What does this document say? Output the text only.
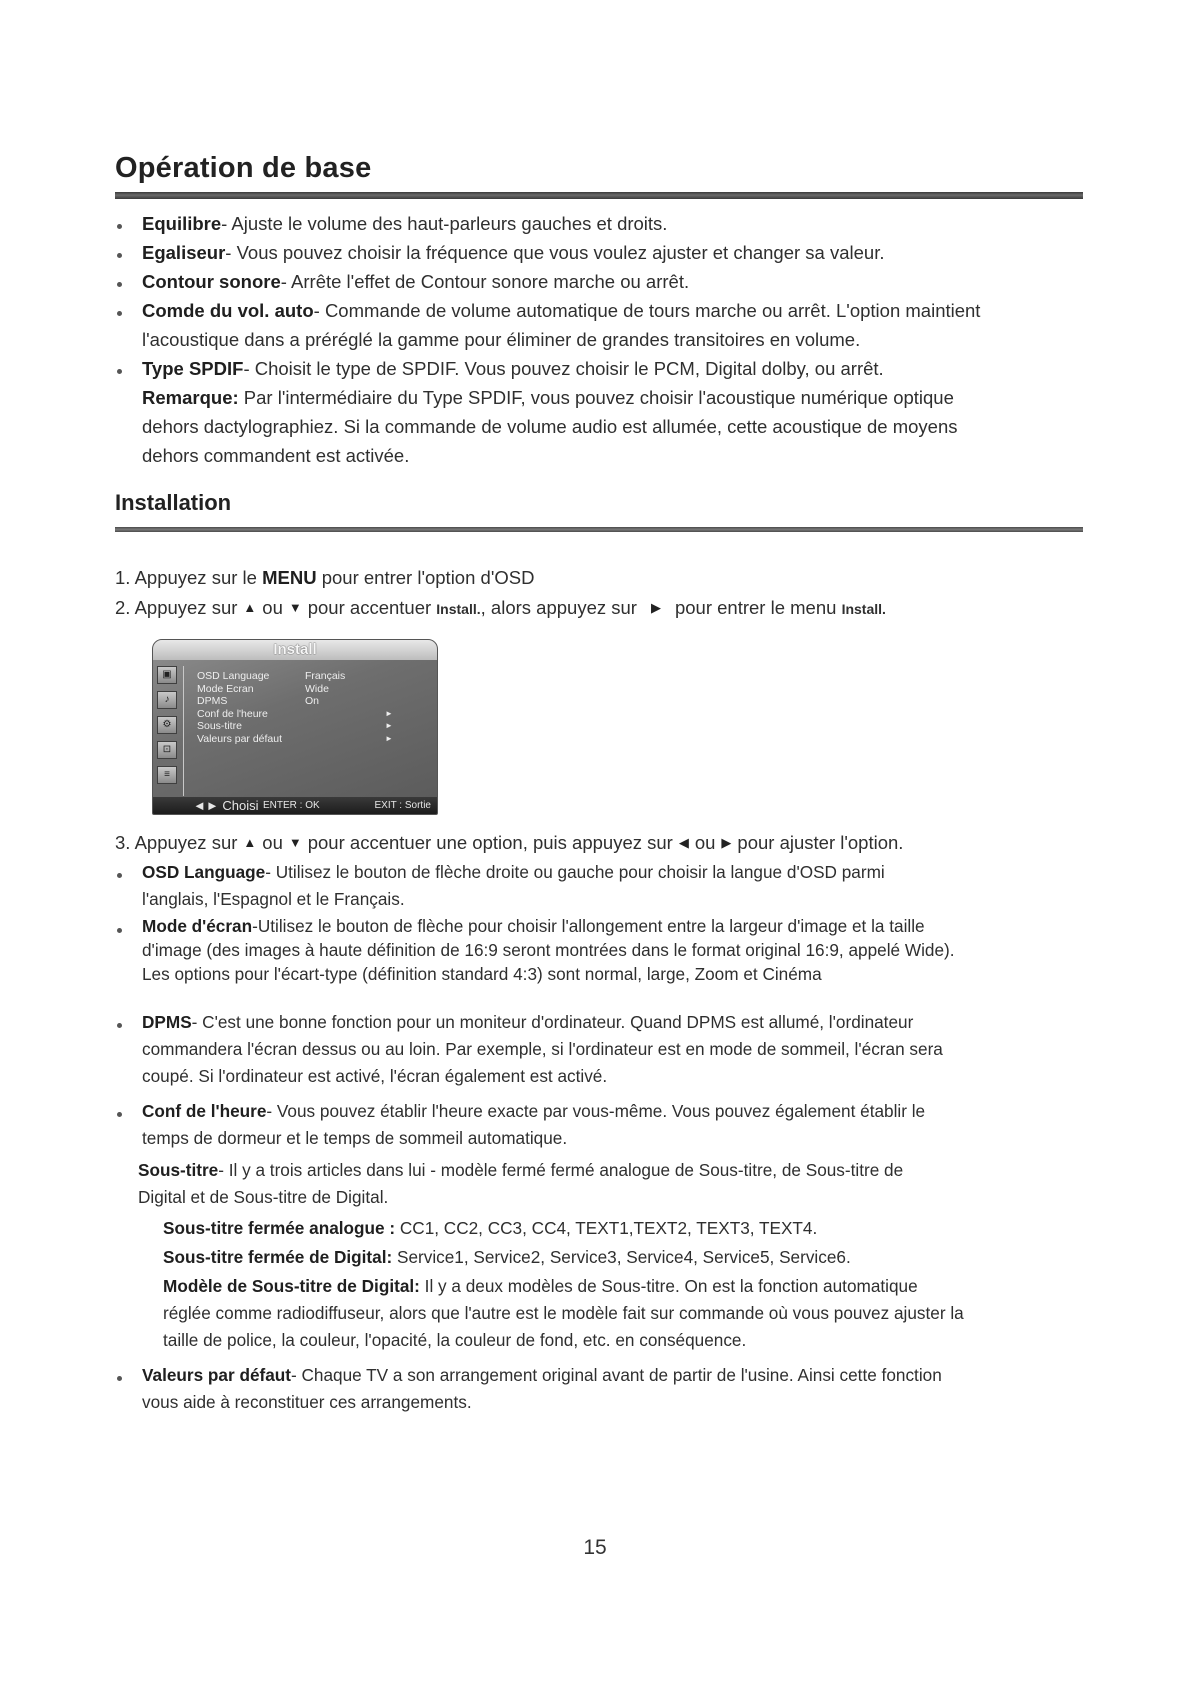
Opération de base
Equilibre- Ajuste le volume des haut-parleurs gauches et droits.
Egaliseur- Vous pouvez choisir la fréquence que vous voulez ajuster et changer sa valeur.
Contour sonore- Arrête l'effet de Contour sonore marche ou arrêt.
Comde du vol. auto- Commande de volume automatique de tours marche ou arrêt. L'option maintient
l'acoustique dans a préréglé la gamme pour éliminer de grandes transitoires en volume.
Type SPDIF- Choisit le type de SPDIF. Vous pouvez choisir le PCM, Digital dolby, ou arrêt.
Remarque: Par l'intermédiaire du Type SPDIF, vous pouvez choisir l'acoustique numérique optique
dehors dactylographiez. Si la commande de volume audio est allumée, cette acoustique de moyens
dehors commandent est activée.
Installation
1. Appuyez sur le MENU pour entrer l'option d'OSD
2. Appuyez sur ▲ ou ▼ pour accentuer Install., alors appuyez sur ▶ pour entrer le menu Install.
Install
▣
♪
⚙
⊡
≡
OSD Language	Français
Mode Ecran	Wide
DPMS	On
Conf de l'heure	►
Sous-titre	►
Valeurs par défaut	►
◄► Choisi ENTER : OK	EXIT : Sortie
3. Appuyez sur ▲ ou ▼ pour accentuer une option, puis appuyez sur ◀ ou ▶ pour ajuster l'option.
OSD Language- Utilisez le bouton de flèche droite ou gauche pour choisir la langue d'OSD parmi
l'anglais, l'Espagnol et le Français.
Mode d'écran-Utilisez le bouton de flèche pour choisir l'allongement entre la largeur d'image et la taille
d'image (des images à haute définition de 16:9 seront montrées dans le format original 16:9, appelé Wide).
Les options pour l'écart-type (définition standard 4:3) sont normal, large, Zoom et Cinéma
DPMS- C'est une bonne fonction pour un moniteur d'ordinateur. Quand DPMS est allumé, l'ordinateur
commandera l'écran dessus ou au loin. Par exemple, si l'ordinateur est en mode de sommeil, l'écran sera
coupé. Si l'ordinateur est activé, l'écran également est activé.
Conf de l'heure- Vous pouvez établir l'heure exacte par vous-même. Vous pouvez également établir le
temps de dormeur et le temps de sommeil automatique.
Sous-titre- Il y a trois articles dans lui - modèle fermé fermé analogue de Sous-titre, de Sous-titre de
Digital et de Sous-titre de Digital.
Sous-titre fermée analogue : CC1, CC2, CC3, CC4, TEXT1,TEXT2, TEXT3, TEXT4.
Sous-titre fermée de Digital: Service1, Service2, Service3, Service4, Service5, Service6.
Modèle de Sous-titre de Digital: Il y a deux modèles de Sous-titre. On est la fonction automatique
réglée comme radiodiffuseur, alors que l'autre est le modèle fait sur commande où vous pouvez ajuster la
taille de police, la couleur, l'opacité, la couleur de fond, etc. en conséquence.
Valeurs par défaut- Chaque TV a son arrangement original avant de partir de l'usine. Ainsi cette fonction
vous aide à reconstituer ces arrangements.
15
